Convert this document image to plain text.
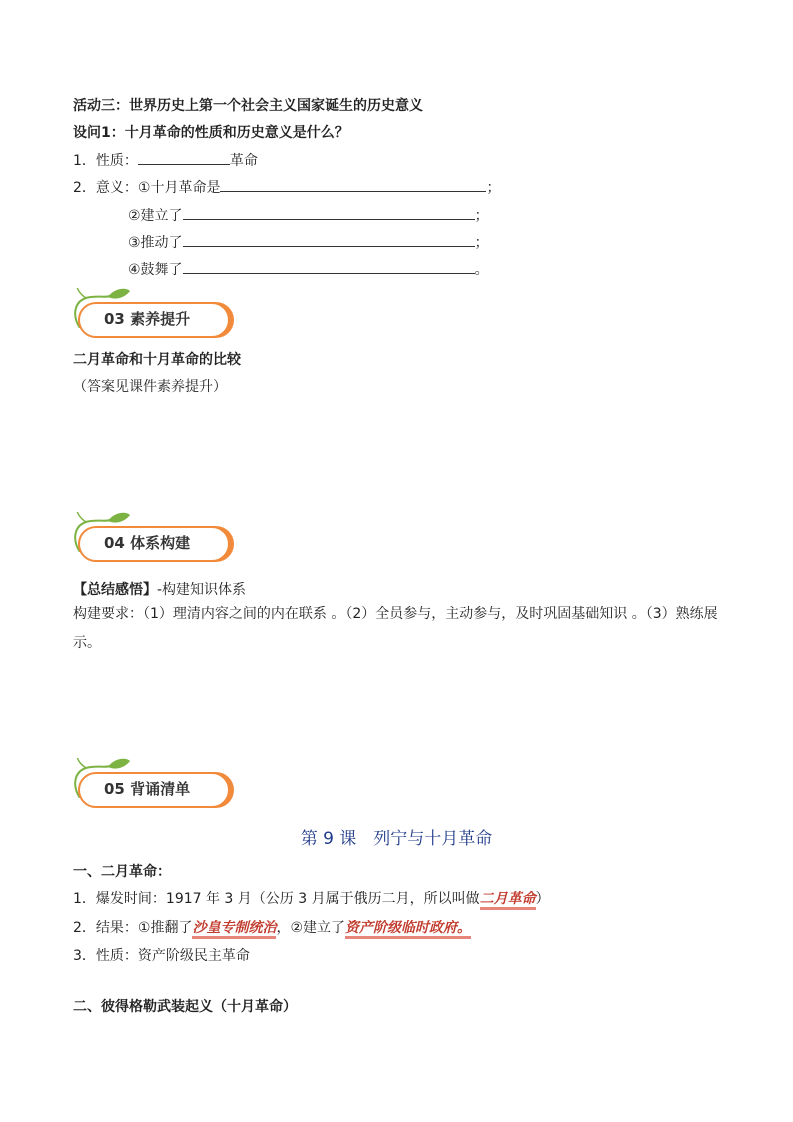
活动三：世界历史上第一个社会主义国家诞生的历史意义
设问1：十月革命的性质和历史意义是什么？
1．性质：	革命
2．意义：①十月革命是	；
②建立了	；
③推动了	；
④鼓舞了	。
03 素养提升
二月革命和十月革命的比较
（答案见课件素养提升）
04 体系构建
【总结感悟】-构建知识体系
构建要求：（1）理清内容之间的内在联系 。（2）全员参与，主动参与，及时巩固基础知识 。（3）熟练展示。
05 背诵清单
第 9 课　列宁与十月革命
一、二月革命：
1．爆发时间：1917 年 3 月（公历 3 月属于俄历二月，所以叫做二月革命）
2．结果：①推翻了沙皇专制统治，②建立了资产阶级临时政府。
3．性质：资产阶级民主革命
二、彼得格勒武装起义（十月革命）
